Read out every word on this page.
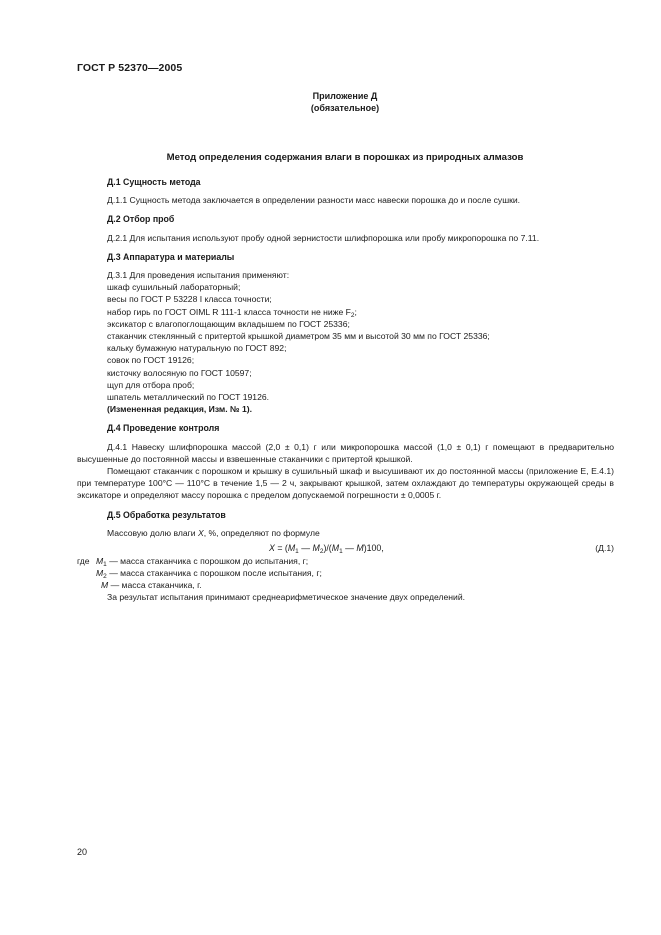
ГОСТ Р 52370—2005
Приложение Д
(обязательное)
Метод определения содержания влаги в порошках из природных алмазов
Д.1 Сущность метода
Д.1.1 Сущность метода заключается в определении разности масс навески порошка до и после сушки.
Д.2 Отбор проб
Д.2.1 Для испытания используют пробу одной зернистости шлифпорошка или пробу микропорошка по 7.11.
Д.3 Аппаратура и материалы
Д.3.1 Для проведения испытания применяют:
шкаф сушильный лабораторный;
весы по ГОСТ Р 53228 I класса точности;
набор гирь по ГОСТ OIML R 111-1 класса точности не ниже $F_2$;
эксикатор с влагопоглощающим вкладышем по ГОСТ 25336;
стаканчик стеклянный с притертой крышкой диаметром 35 мм и высотой 30 мм по ГОСТ 25336;
кальку бумажную натуральную по ГОСТ 892;
совок по ГОСТ 19126;
кисточку волосяную по ГОСТ 10597;
щуп для отбора проб;
шпатель металлический по ГОСТ 19126.
(Измененная редакция, Изм. № 1).
Д.4 Проведение контроля
Д.4.1 Навеску шлифпорошка массой (2,0 ± 0,1) г или микропорошка массой (1,0 ± 0,1) г помещают в предварительно высушенные до постоянной массы и взвешенные стаканчики с притертой крышкой.
Помещают стаканчик с порошком и крышку в сушильный шкаф и высушивают их до постоянной массы (приложение Е, Е.4.1) при температуре 100°С — 110°С в течение 1,5 — 2 ч, закрывают крышкой, затем охлаждают до температуры окружающей среды в эксикаторе и определяют массу порошка с пределом допускаемой погрешности ± 0,0005 г.
Д.5 Обработка результатов
Массовую долю влаги X, %, определяют по формуле
$X = (M_1$ — $M_2)/(M_1$ — M)100,	(Д.1)
где $M_1$ — масса стаканчика с порошком до испытания, г;
$M_2$ — масса стаканчика с порошком после испытания, г;
M — масса стаканчика, г.
За результат испытания принимают среднеарифметическое значение двух определений.
20
